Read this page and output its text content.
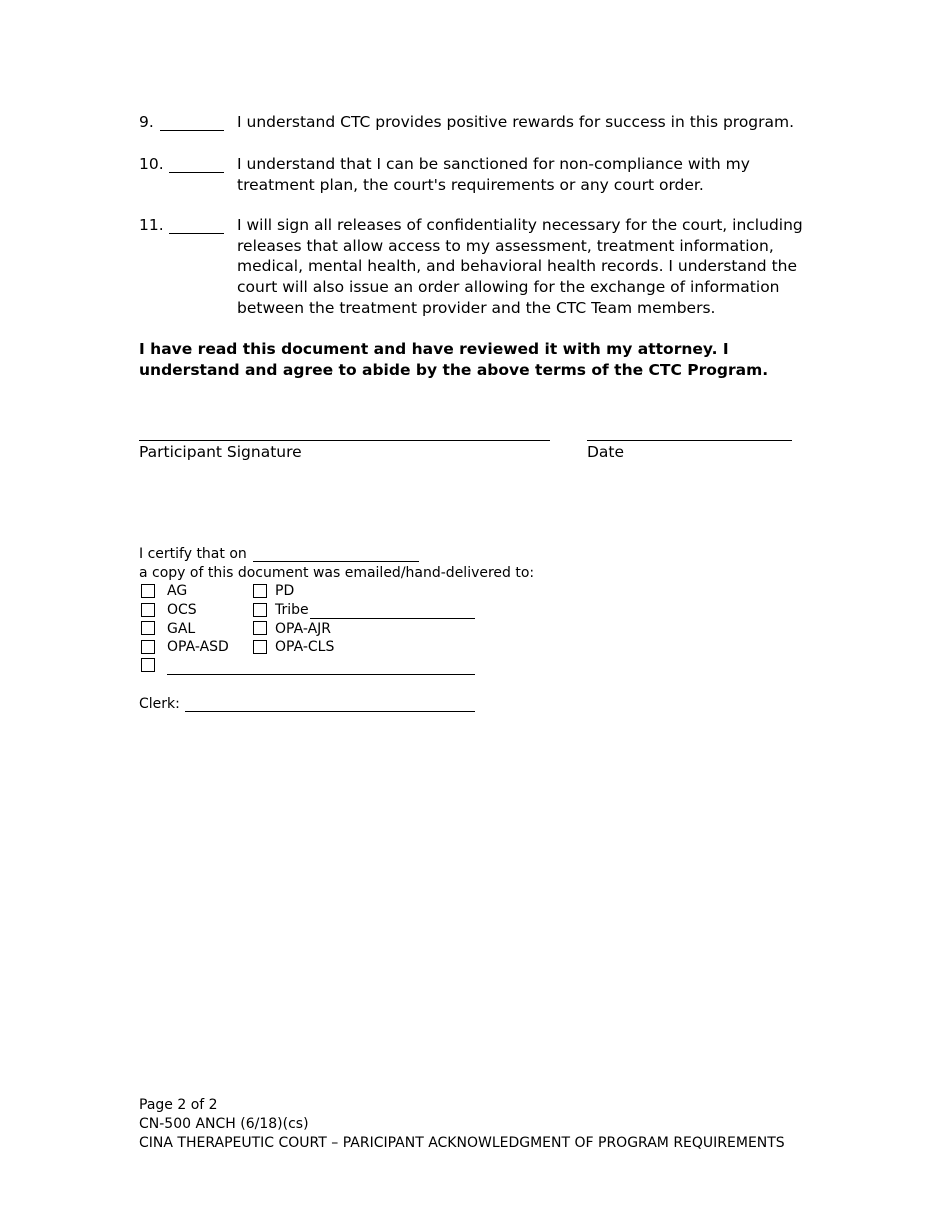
9.	I understand CTC provides positive rewards for success in this program.
10.	I understand that I can be sanctioned for non-compliance with my
treatment plan, the court's requirements or any court order.
11.	I will sign all releases of confidentiality necessary for the court, including
releases that allow access to my assessment, treatment information,
medical, mental health, and behavioral health records. I understand the
court will also issue an order allowing for the exchange of information
between the treatment provider and the CTC Team members.
I have read this document and have reviewed it with my attorney. I
understand and agree to abide by the above terms of the CTC Program.
Participant Signature	Date
I certify that on
a copy of this document was emailed/hand-delivered to:
AG
OCS
GAL
OPA-ASD
PD
Tribe
OPA-AJR
OPA-CLS
Clerk:
Page 2 of 2
CN-500 ANCH (6/18)(cs)
CINA THERAPEUTIC COURT – PARICIPANT ACKNOWLEDGMENT OF PROGRAM REQUIREMENTS
